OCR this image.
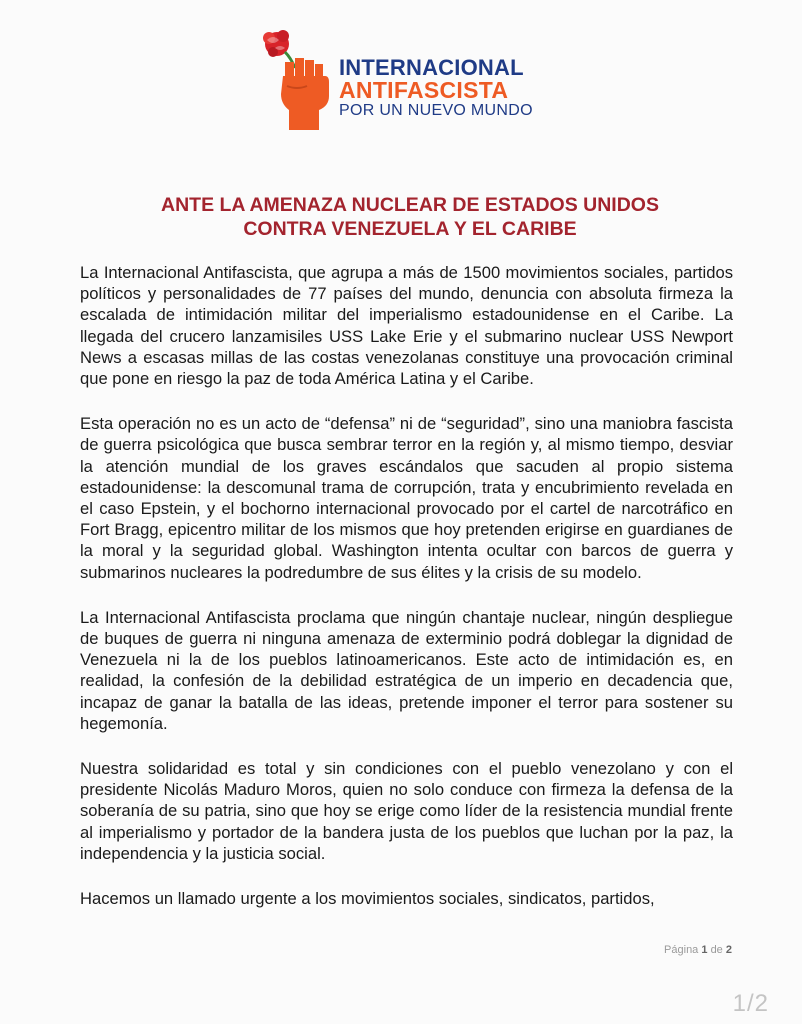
INTERNACIONAL
ANTIFASCISTA
POR UN NUEVO MUNDO
ANTE LA AMENAZA NUCLEAR DE ESTADOS UNIDOS
CONTRA VENEZUELA Y EL CARIBE

La Internacional Antifascista, que agrupa a más de 1500 movimientos sociales, partidos políticos y personalidades de 77 países del mundo, denuncia con absoluta firmeza la escalada de intimidación militar del imperialismo estadounidense en el Caribe. La llegada del crucero lanzamisiles USS Lake Erie y el submarino nuclear USS Newport News a escasas millas de las costas venezolanas constituye una provocación criminal que pone en riesgo la paz de toda América Latina y el Caribe.

Esta operación no es un acto de “defensa” ni de “seguridad”, sino una maniobra fascista de guerra psicológica que busca sembrar terror en la región y, al mismo tiempo, desviar la atención mundial de los graves escándalos que sacuden al propio sistema estadounidense: la descomunal trama de corrupción, trata y encubrimiento revelada en el caso Epstein, y el bochorno internacional provocado por el cartel de narcotráfico en Fort Bragg, epicentro militar de los mismos que hoy pretenden erigirse en guardianes de la moral y la seguridad global. Washington intenta ocultar con barcos de guerra y submarinos nucleares la podredumbre de sus élites y la crisis de su modelo.

La Internacional Antifascista proclama que ningún chantaje nuclear, ningún despliegue de buques de guerra ni ninguna amenaza de exterminio podrá doblegar la dignidad de Venezuela ni la de los pueblos latinoamericanos. Este acto de intimidación es, en realidad, la confesión de la debilidad estratégica de un imperio en decadencia que, incapaz de ganar la batalla de las ideas, pretende imponer el terror para sostener su hegemonía.

Nuestra solidaridad es total y sin condiciones con el pueblo venezolano y con el presidente Nicolás Maduro Moros, quien no solo conduce con firmeza la defensa de la soberanía de su patria, sino que hoy se erige como líder de la resistencia mundial frente al imperialismo y portador de la bandera justa de los pueblos que luchan por la paz, la independencia y la justicia social.

Hacemos un llamado urgente a los movimientos sociales, sindicatos, partidos,

Página 1 de 2
1/2
